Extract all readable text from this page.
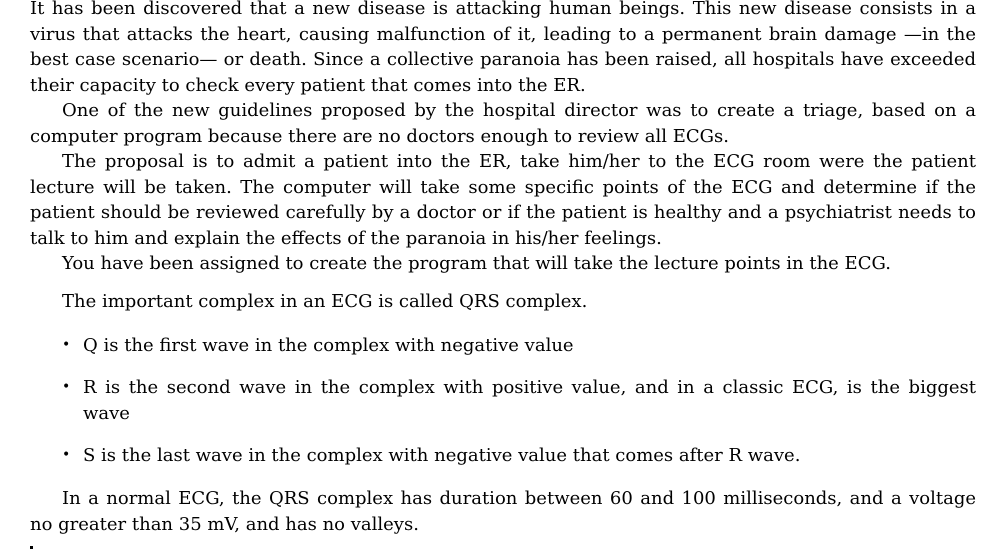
It has been discovered that a new disease is attacking human beings. This new disease consists in a virus that attacks the heart, causing malfunction of it, leading to a permanent brain damage —in the best case scenario— or death. Since a collective paranoia has been raised, all hospitals have exceeded their capacity to check every patient that comes into the ER.

One of the new guidelines proposed by the hospital director was to create a triage, based on a computer program because there are no doctors enough to review all ECGs.

The proposal is to admit a patient into the ER, take him/her to the ECG room were the patient lecture will be taken. The computer will take some specific points of the ECG and determine if the patient should be reviewed carefully by a doctor or if the patient is healthy and a psychiatrist needs to talk to him and explain the effects of the paranoia in his/her feelings.

You have been assigned to create the program that will take the lecture points in the ECG.

The important complex in an ECG is called QRS complex.

• Q is the first wave in the complex with negative value
• R is the second wave in the complex with positive value, and in a classic ECG, is the biggest wave
• S is the last wave in the complex with negative value that comes after R wave.

In a normal ECG, the QRS complex has duration between 60 and 100 milliseconds, and a voltage no greater than 35 mV, and has no valleys.
